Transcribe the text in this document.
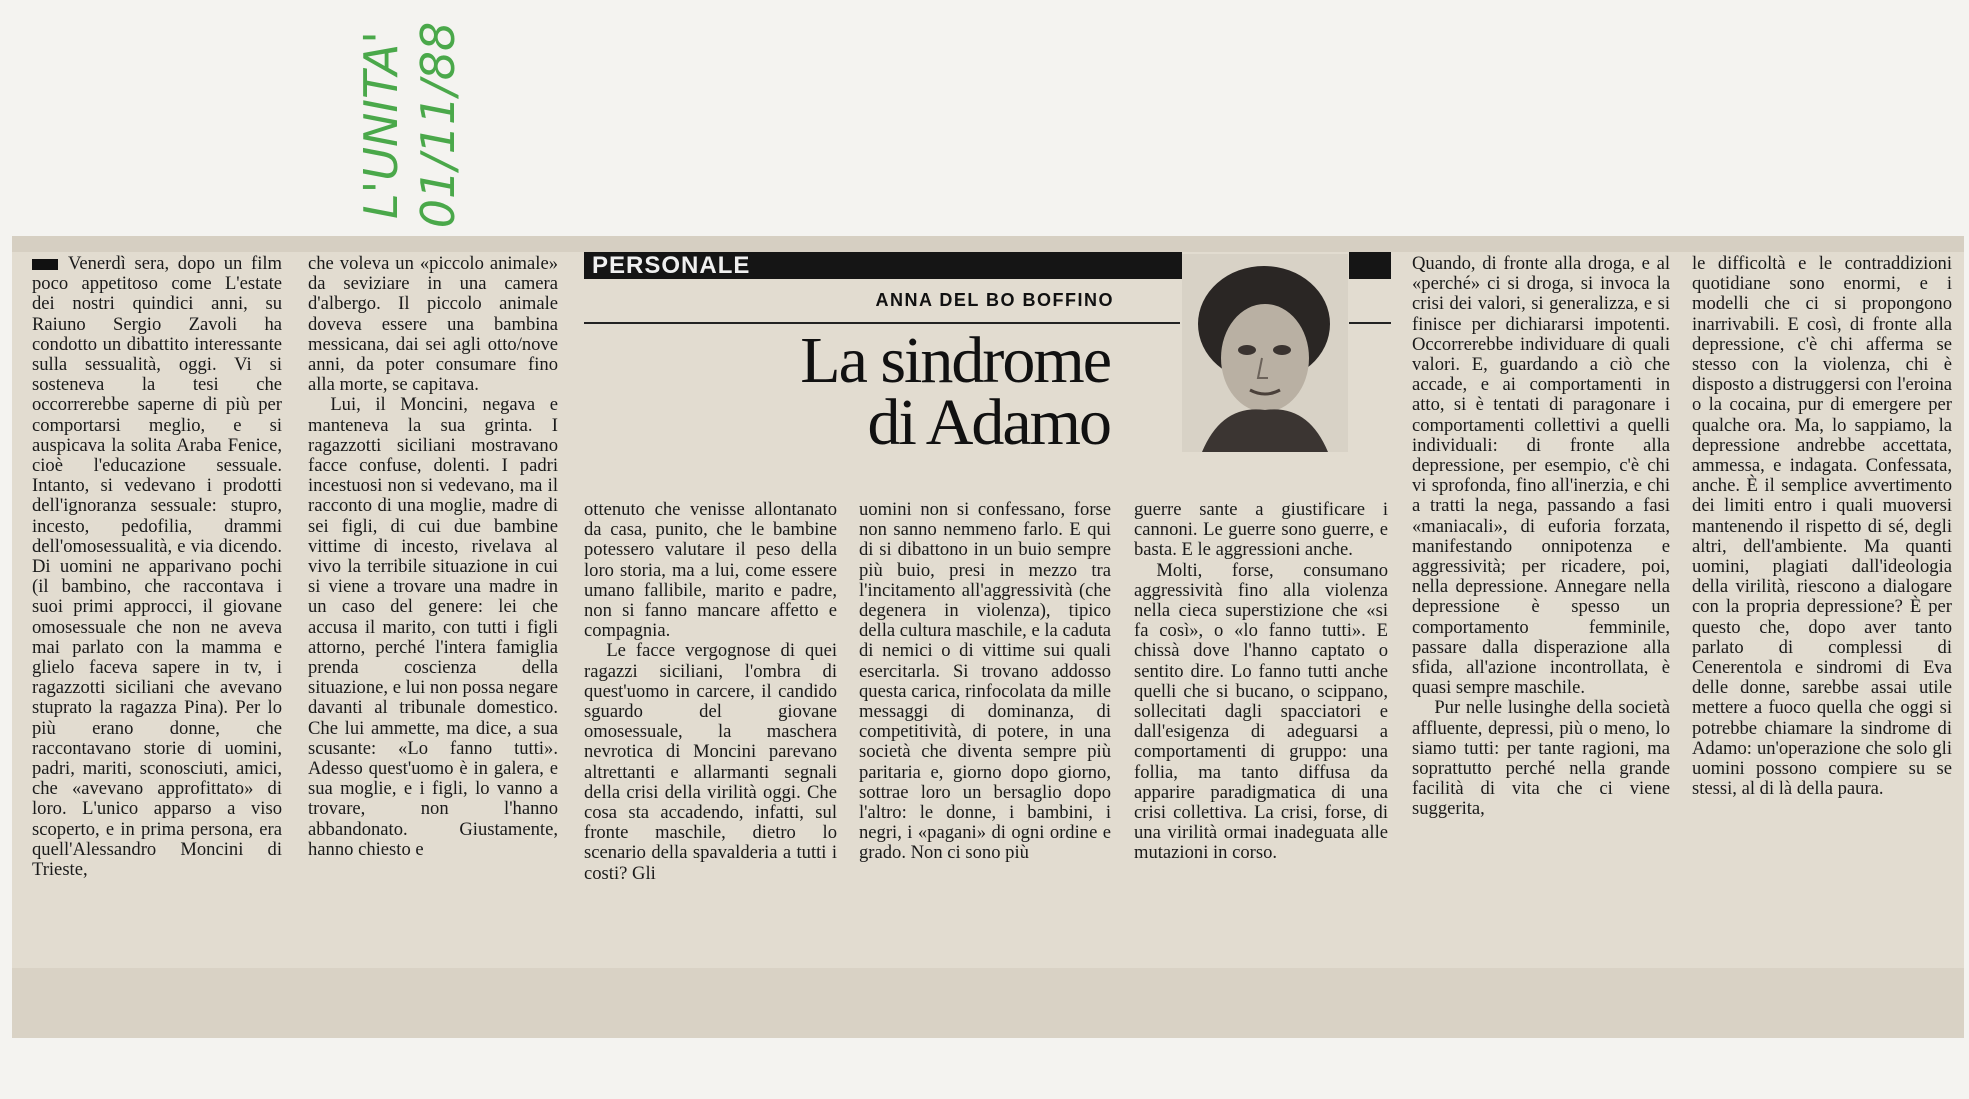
L'UNITA' 01/11/88
PERSONALE
ANNA DEL BO BOFFINO
La sindrome
di Adamo

Venerdì sera, dopo un film poco appetitoso come L'estate dei nostri quindici anni, su Raiuno Sergio Zavoli ha condotto un dibattito interessante sulla sessualità, oggi. Vi si sosteneva la tesi che occorrerebbe saperne di più per comportarsi meglio, e si auspicava la solita Araba Fenice, cioè l'educazione sessuale. Intanto, si vedevano i prodotti dell'ignoranza sessuale: stupro, incesto, pedofilia, drammi dell'omosessualità, e via dicendo. Di uomini ne apparivano pochi (il bambino, che raccontava i suoi primi approcci, il giovane omosessuale che non ne aveva mai parlato con la mamma e glielo faceva sapere in tv, i ragazzotti siciliani che avevano stuprato la ragazza Pina). Per lo più erano donne, che raccontavano storie di uomini, padri, mariti, sconosciuti, amici, che «avevano approfittato» di loro. L'unico apparso a viso scoperto, e in prima persona, era quell'Alessandro Moncini di Trieste,

che voleva un «piccolo animale» da seviziare in una camera d'albergo. Il piccolo animale doveva essere una bambina messicana, dai sei agli otto/nove anni, da poter consumare fino alla morte, se capitava.

Lui, il Moncini, negava e manteneva la sua grinta. I ragazzotti siciliani mostravano facce confuse, dolenti. I padri incestuosi non si vedevano, ma il racconto di una moglie, madre di sei figli, di cui due bambine vittime di incesto, rivelava al vivo la terribile situazione in cui si viene a trovare una madre in un caso del genere: lei che accusa il marito, con tutti i figli attorno, perché l'intera famiglia prenda coscienza della situazione, e lui non possa negare davanti al tribunale domestico. Che lui ammette, ma dice, a sua scusante: «Lo fanno tutti». Adesso quest'uomo è in galera, e sua moglie, e i figli, lo vanno a trovare, non l'hanno abbandonato. Giustamente, hanno chiesto e

ottenuto che venisse allontanato da casa, punito, che le bambine potessero valutare il peso della loro storia, ma a lui, come essere umano fallibile, marito e padre, non si fanno mancare affetto e compagnia.

Le facce vergognose di quei ragazzi siciliani, l'ombra di quest'uomo in carcere, il candido sguardo del giovane omosessuale, la maschera nevrotica di Moncini parevano altrettanti e allarmanti segnali della crisi della virilità oggi. Che cosa sta accadendo, infatti, sul fronte maschile, dietro lo scenario della spavalderia a tutti i costi? Gli

uomini non si confessano, forse non sanno nemmeno farlo. E qui di si dibattono in un buio sempre più buio, presi in mezzo tra l'incitamento all'aggressività (che degenera in violenza), tipico della cultura maschile, e la caduta di nemici o di vittime sui quali esercitarla. Si trovano addosso questa carica, rinfocolata da mille messaggi di dominanza, di competitività, di potere, in una società che diventa sempre più paritaria e, giorno dopo giorno, sottrae loro un bersaglio dopo l'altro: le donne, i bambini, i negri, i «pagani» di ogni ordine e grado. Non ci sono più

guerre sante a giustificare i cannoni. Le guerre sono guerre, e basta. E le aggressioni anche.

Molti, forse, consumano aggressività fino alla violenza nella cieca superstizione che «si fa così», o «lo fanno tutti». E chissà dove l'hanno captato o sentito dire. Lo fanno tutti anche quelli che si bucano, o scippano, sollecitati dagli spacciatori e dall'esigenza di adeguarsi a comportamenti di gruppo: una follia, ma tanto diffusa da apparire paradigmatica di una crisi collettiva. La crisi, forse, di una virilità ormai inadeguata alle mutazioni in corso.

Quando, di fronte alla droga, e al «perché» ci si droga, si invoca la crisi dei valori, si generalizza, e si finisce per dichiararsi impotenti. Occorrerebbe individuare di quali valori. E, guardando a ciò che accade, e ai comportamenti in atto, si è tentati di paragonare i comportamenti collettivi a quelli individuali: di fronte alla depressione, per esempio, c'è chi vi sprofonda, fino all'inerzia, e chi a tratti la nega, passando a fasi «maniacali», di euforia forzata, manifestando onnipotenza e aggressività; per ricadere, poi, nella depressione. Annegare nella depressione è spesso un comportamento femminile, passare dalla disperazione alla sfida, all'azione incontrollata, è quasi sempre maschile.

Pur nelle lusinghe della società affluente, depressi, più o meno, lo siamo tutti: per tante ragioni, ma soprattutto perché nella grande facilità di vita che ci viene suggerita,

le difficoltà e le contraddizioni quotidiane sono enormi, e i modelli che ci si propongono inarrivabili. E così, di fronte alla depressione, c'è chi afferma se stesso con la violenza, chi è disposto a distruggersi con l'eroina o la cocaina, pur di emergere per qualche ora. Ma, lo sappiamo, la depressione andrebbe accettata, ammessa, e indagata. Confessata, anche. È il semplice avvertimento dei limiti entro i quali muoversi mantenendo il rispetto di sé, degli altri, dell'ambiente. Ma quanti uomini, plagiati dall'ideologia della virilità, riescono a dialogare con la propria depressione? È per questo che, dopo aver tanto parlato di complessi di Cenerentola e sindromi di Eva delle donne, sarebbe assai utile mettere a fuoco quella che oggi si potrebbe chiamare la sindrome di Adamo: un'operazione che solo gli uomini possono compiere su se stessi, al di là della paura.
